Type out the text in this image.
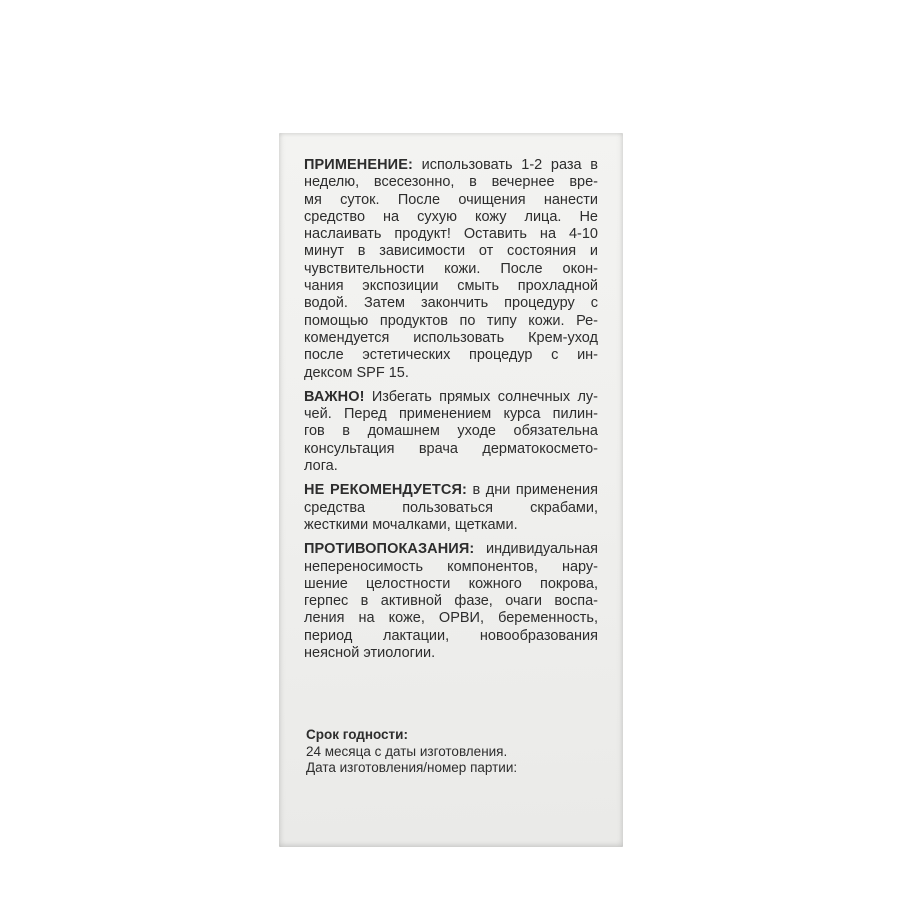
ПРИМЕНЕНИЕ: использовать 1-2 раза в
неделю, всесезонно, в вечернее вре-
мя суток. После очищения нанести
средство на сухую кожу лица. Не
наслаивать продукт! Оставить на 4-10
минут в зависимости от состояния и
чувствительности кожи. После окон-
чания экспозиции смыть прохладной
водой. Затем закончить процедуру с
помощью продуктов по типу кожи. Ре-
комендуется использовать Крем-уход
после эстетических процедур с ин-
дексом SPF 15.
ВАЖНО! Избегать прямых солнечных лу-
чей. Перед применением курса пилин-
гов в домашнем уходе обязательна
консультация врача дерматокосмето-
лога.
НЕ РЕКОМЕНДУЕТСЯ: в дни применения
средства пользоваться скрабами,
жесткими мочалками, щетками.
ПРОТИВОПОКАЗАНИЯ: индивидуальная
непереносимость компонентов, нару-
шение целостности кожного покрова,
герпес в активной фазе, очаги воспа-
ления на коже, ОРВИ, беременность,
период лактации, новообразования
неясной этиологии.
Срок годности:
24 месяца с даты изготовления.
Дата изготовления/номер партии:
